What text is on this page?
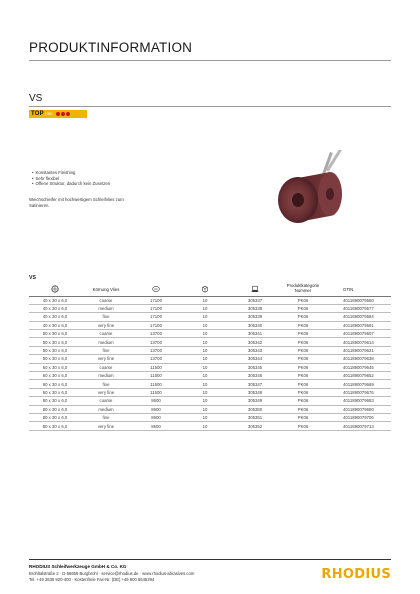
PRODUKTINFORMATION
VS
TOP LINE
• Konstantes Finishing
• Sehr flexibel
• Offene Struktur, dadurch kein Zusetzen
Weichschleifer mit hochwertigem Schleifvlies zum Satinieren.
VS
	Körnung Vlies	rpm			Produktkategorie Nummer	GTIN
40 x 30 x 6,0	coarse	17100	10	305337	PK06	4011890079560
40 x 30 x 6,0	medium	17100	10	305338	PK06	4011890079577
40 x 30 x 6,0	fine	17100	10	305339	PK06	4011890079584
40 x 30 x 6,0	very fine	17100	10	305340	PK06	4011890079591
50 x 30 x 6,0	coarse	13700	10	305341	PK06	4011890079607
50 x 30 x 6,0	medium	13700	10	305342	PK06	4011890079614
50 x 30 x 6,0	fine	13700	10	305343	PK06	4011890079621
50 x 30 x 6,0	very fine	13700	10	305344	PK06	4011890079638
60 x 30 x 6,0	coarse	11500	10	305345	PK06	4011890079645
60 x 30 x 6,0	medium	11500	10	305346	PK06	4011890079652
60 x 30 x 6,0	fine	11500	10	305347	PK06	4011890079669
60 x 30 x 6,0	very fine	11500	10	305348	PK06	4011890079676
80 x 30 x 6,0	coarse	8600	10	305349	PK06	4011890079683
80 x 30 x 6,0	medium	8600	10	305350	PK06	4011890079690
80 x 30 x 6,0	fine	8600	10	305351	PK06	4011890079706
80 x 30 x 6,0	very fine	8600	10	305352	PK06	4011890079713
RHODIUS Schleifwerkzeuge GmbH & Co. KG
Brohltalstraße 2 · D-56659 Burgbrohl · service@rhodius.de · www.rhodius-abrasives.com
Tel. +49 2636 920-400 · Kostenfreie Fax-Nr. (DE) +49 800 6645394	RHODIUS
